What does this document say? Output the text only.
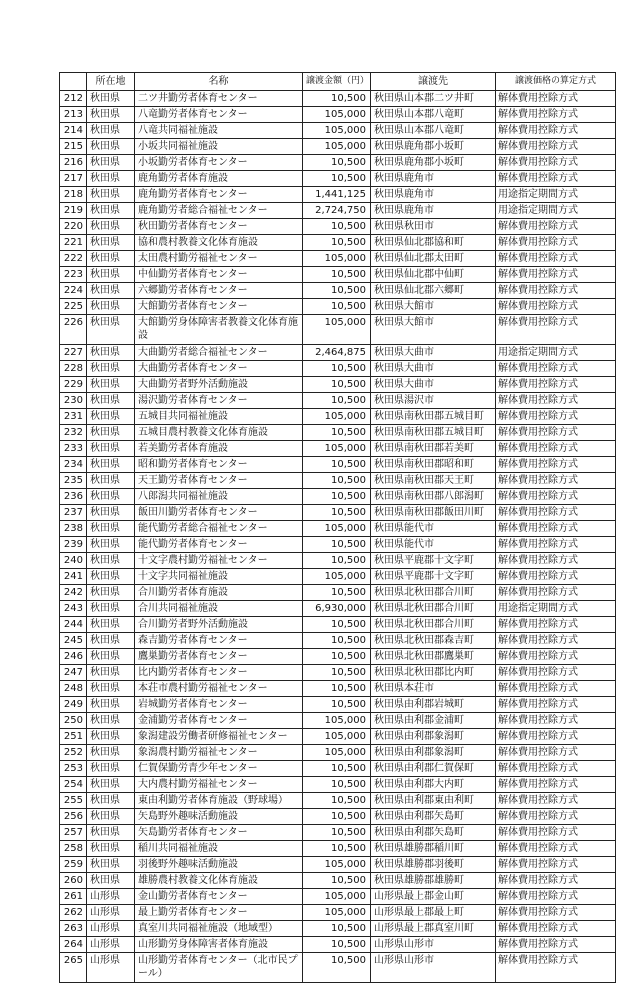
	所在地	名称	譲渡金額（円）	譲渡先	譲渡価格の算定方式
212	秋田県	二ツ井勤労者体育センター	10,500	秋田県山本郡二ツ井町	解体費用控除方式
213	秋田県	八竜勤労者体育センター	105,000	秋田県山本郡八竜町	解体費用控除方式
214	秋田県	八竜共同福祉施設	105,000	秋田県山本郡八竜町	解体費用控除方式
215	秋田県	小坂共同福祉施設	105,000	秋田県鹿角郡小坂町	解体費用控除方式
216	秋田県	小坂勤労者体育センター	10,500	秋田県鹿角郡小坂町	解体費用控除方式
217	秋田県	鹿角勤労者体育施設	10,500	秋田県鹿角市	解体費用控除方式
218	秋田県	鹿角勤労者体育センター	1,441,125	秋田県鹿角市	用途指定期間方式
219	秋田県	鹿角勤労者総合福祉センター	2,724,750	秋田県鹿角市	用途指定期間方式
220	秋田県	秋田勤労者体育センター	10,500	秋田県秋田市	解体費用控除方式
221	秋田県	協和農村教養文化体育施設	10,500	秋田県仙北郡協和町	解体費用控除方式
222	秋田県	太田農村勤労福祉センター	105,000	秋田県仙北郡太田町	解体費用控除方式
223	秋田県	中仙勤労者体育センター	10,500	秋田県仙北郡中仙町	解体費用控除方式
224	秋田県	六郷勤労者体育センター	10,500	秋田県仙北郡六郷町	解体費用控除方式
225	秋田県	大館勤労者体育センター	10,500	秋田県大館市	解体費用控除方式
226	秋田県	大館勤労身体障害者教養文化体育施設	105,000	秋田県大館市	解体費用控除方式
227	秋田県	大曲勤労者総合福祉センター	2,464,875	秋田県大曲市	用途指定期間方式
228	秋田県	大曲勤労者体育センター	10,500	秋田県大曲市	解体費用控除方式
229	秋田県	大曲勤労者野外活動施設	10,500	秋田県大曲市	解体費用控除方式
230	秋田県	湯沢勤労者体育センター	10,500	秋田県湯沢市	解体費用控除方式
231	秋田県	五城目共同福祉施設	105,000	秋田県南秋田郡五城目町	解体費用控除方式
232	秋田県	五城目農村教養文化体育施設	10,500	秋田県南秋田郡五城目町	解体費用控除方式
233	秋田県	若美勤労者体育施設	105,000	秋田県南秋田郡若美町	解体費用控除方式
234	秋田県	昭和勤労者体育センター	10,500	秋田県南秋田郡昭和町	解体費用控除方式
235	秋田県	天王勤労者体育センター	10,500	秋田県南秋田郡天王町	解体費用控除方式
236	秋田県	八郎潟共同福祉施設	10,500	秋田県南秋田郡八郎潟町	解体費用控除方式
237	秋田県	飯田川勤労者体育センター	10,500	秋田県南秋田郡飯田川町	解体費用控除方式
238	秋田県	能代勤労者総合福祉センター	105,000	秋田県能代市	解体費用控除方式
239	秋田県	能代勤労者体育センター	10,500	秋田県能代市	解体費用控除方式
240	秋田県	十文字農村勤労福祉センター	10,500	秋田県平鹿郡十文字町	解体費用控除方式
241	秋田県	十文字共同福祉施設	105,000	秋田県平鹿郡十文字町	解体費用控除方式
242	秋田県	合川勤労者体育施設	10,500	秋田県北秋田郡合川町	解体費用控除方式
243	秋田県	合川共同福祉施設	6,930,000	秋田県北秋田郡合川町	用途指定期間方式
244	秋田県	合川勤労者野外活動施設	10,500	秋田県北秋田郡合川町	解体費用控除方式
245	秋田県	森吉勤労者体育センター	10,500	秋田県北秋田郡森吉町	解体費用控除方式
246	秋田県	鷹巣勤労者体育センター	10,500	秋田県北秋田郡鷹巣町	解体費用控除方式
247	秋田県	比内勤労者体育センター	10,500	秋田県北秋田郡比内町	解体費用控除方式
248	秋田県	本荘市農村勤労福祉センター	10,500	秋田県本荘市	解体費用控除方式
249	秋田県	岩城勤労者体育センター	10,500	秋田県由利郡岩城町	解体費用控除方式
250	秋田県	金浦勤労者体育センター	105,000	秋田県由利郡金浦町	解体費用控除方式
251	秋田県	象潟建設労働者研修福祉センター	105,000	秋田県由利郡象潟町	解体費用控除方式
252	秋田県	象潟農村勤労福祉センター	105,000	秋田県由利郡象潟町	解体費用控除方式
253	秋田県	仁賀保勤労青少年センター	10,500	秋田県由利郡仁賀保町	解体費用控除方式
254	秋田県	大内農村勤労福祉センター	10,500	秋田県由利郡大内町	解体費用控除方式
255	秋田県	東由利勤労者体育施設（野球場）	10,500	秋田県由利郡東由利町	解体費用控除方式
256	秋田県	矢島野外趣味活動施設	10,500	秋田県由利郡矢島町	解体費用控除方式
257	秋田県	矢島勤労者体育センター	10,500	秋田県由利郡矢島町	解体費用控除方式
258	秋田県	稲川共同福祉施設	10,500	秋田県雄勝郡稲川町	解体費用控除方式
259	秋田県	羽後野外趣味活動施設	105,000	秋田県雄勝郡羽後町	解体費用控除方式
260	秋田県	雄勝農村教養文化体育施設	10,500	秋田県雄勝郡雄勝町	解体費用控除方式
261	山形県	金山勤労者体育センター	105,000	山形県最上郡金山町	解体費用控除方式
262	山形県	最上勤労者体育センター	105,000	山形県最上郡最上町	解体費用控除方式
263	山形県	真室川共同福祉施設（地域型）	10,500	山形県最上郡真室川町	解体費用控除方式
264	山形県	山形勤労身体障害者体育施設	10,500	山形県山形市	解体費用控除方式
265	山形県	山形勤労者体育センター（北市民プール）	10,500	山形県山形市	解体費用控除方式
